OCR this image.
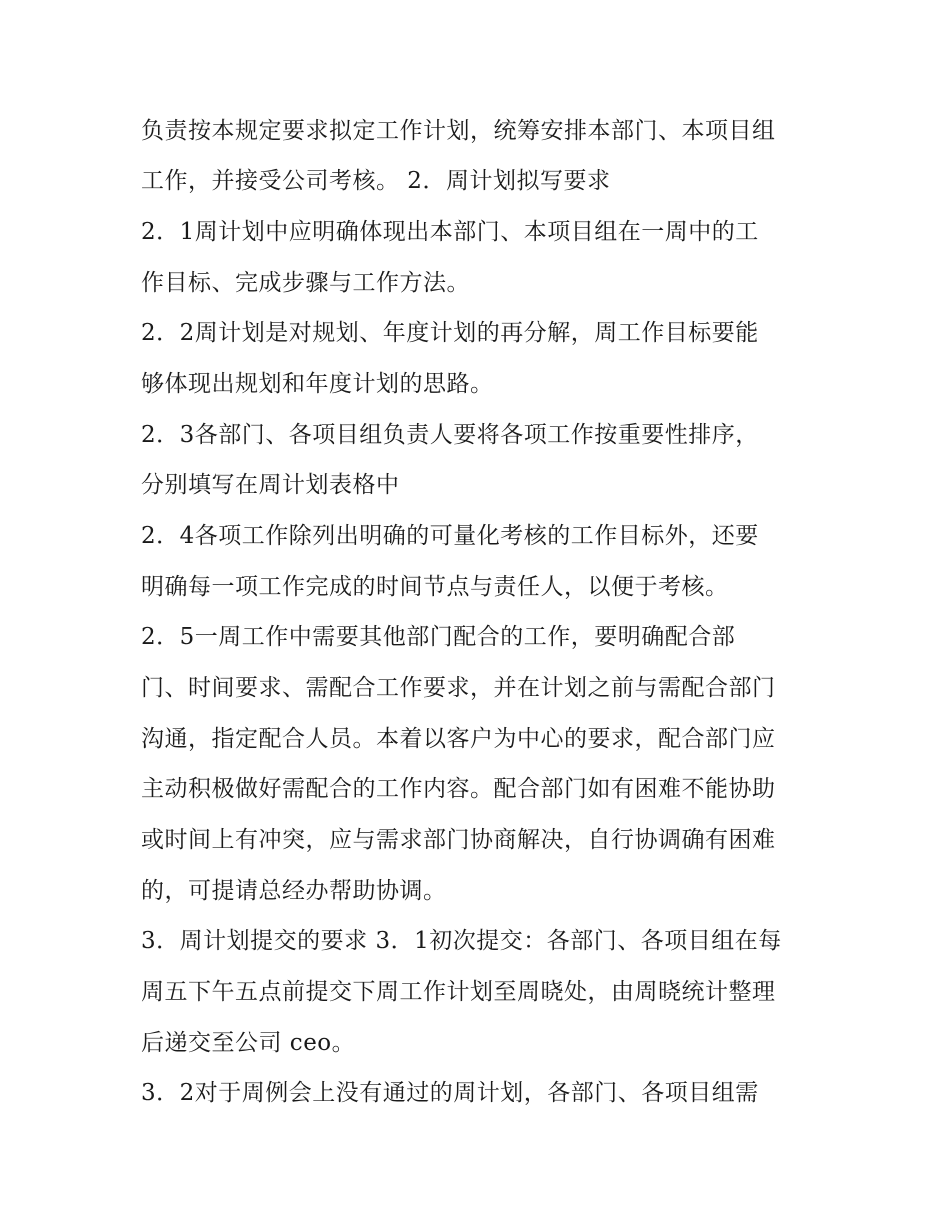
负责按本规定要求拟定工作计划，统筹安排本部门、本项目组
工作，并接受公司考核。 2．周计划拟写要求
2．1周计划中应明确体现出本部门、本项目组在一周中的工
作目标、完成步骤与工作方法。
2．2周计划是对规划、年度计划的再分解，周工作目标要能
够体现出规划和年度计划的思路。
2．3各部门、各项目组负责人要将各项工作按重要性排序，
分别填写在周计划表格中
2．4各项工作除列出明确的可量化考核的工作目标外，还要
明确每一项工作完成的时间节点与责任人，以便于考核。
2．5一周工作中需要其他部门配合的工作，要明确配合部
门、时间要求、需配合工作要求，并在计划之前与需配合部门
沟通，指定配合人员。本着以客户为中心的要求，配合部门应
主动积极做好需配合的工作内容。配合部门如有困难不能协助
或时间上有冲突，应与需求部门协商解决，自行协调确有困难
的，可提请总经办帮助协调。
3．周计划提交的要求 3．1初次提交：各部门、各项目组在每
周五下午五点前提交下周工作计划至周晓处，由周晓统计整理
后递交至公司 ceo。
3．2对于周例会上没有通过的周计划，各部门、各项目组需
